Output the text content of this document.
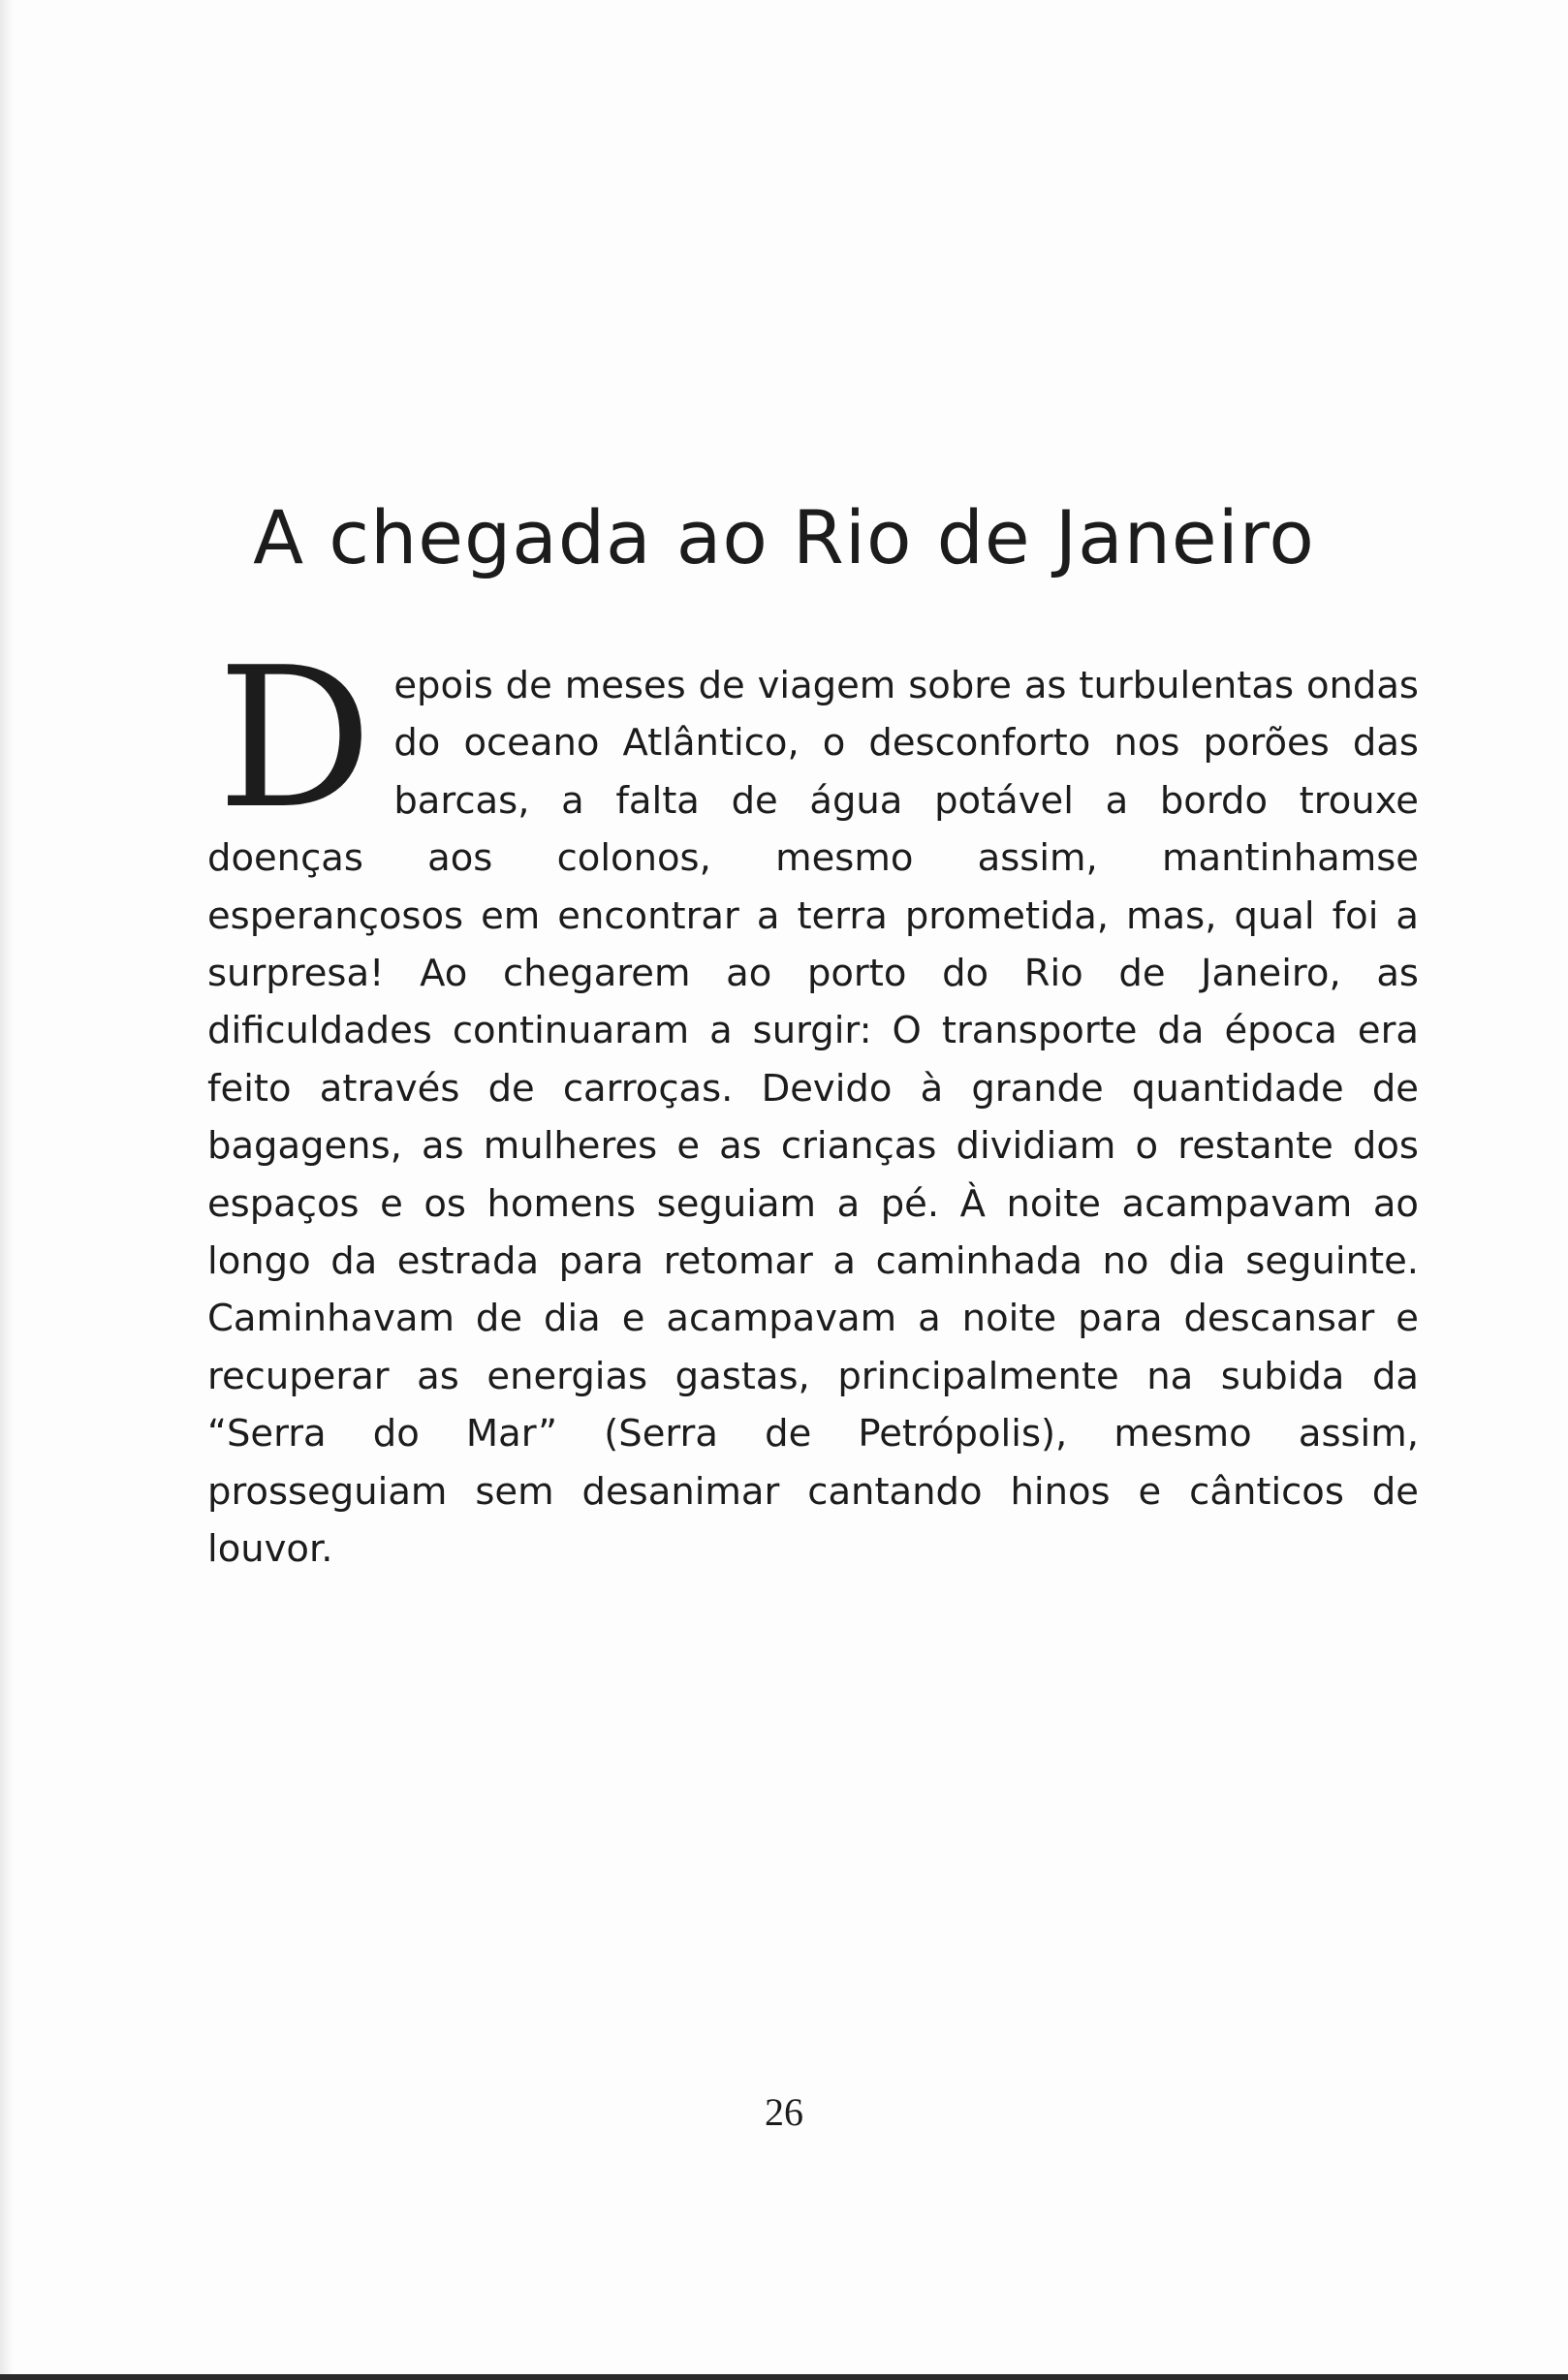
A chegada ao Rio de Janeiro

Depois de meses de viagem sobre as turbulentas ondas do oceano Atlântico, o desconforto nos porões das barcas, a falta de água potável a bordo trouxe doenças aos colonos, mesmo assim, mantinhamse esperançosos em encontrar a terra prometida, mas, qual foi a surpresa! Ao chegarem ao porto do Rio de Janeiro, as dificuldades continuaram a surgir: O transporte da época era feito através de carroças. Devido à grande quantidade de bagagens, as mulheres e as crianças dividiam o restante dos espaços e os homens seguiam a pé. À noite acampavam ao longo da estrada para retomar a caminhada no dia seguinte. Caminhavam de dia e acampavam a noite para descansar e recuperar as energias gastas, principalmente na subida da “Serra do Mar” (Serra de Petrópolis), mesmo assim, prosseguiam sem desanimar cantando hinos e cânticos de louvor.

26
